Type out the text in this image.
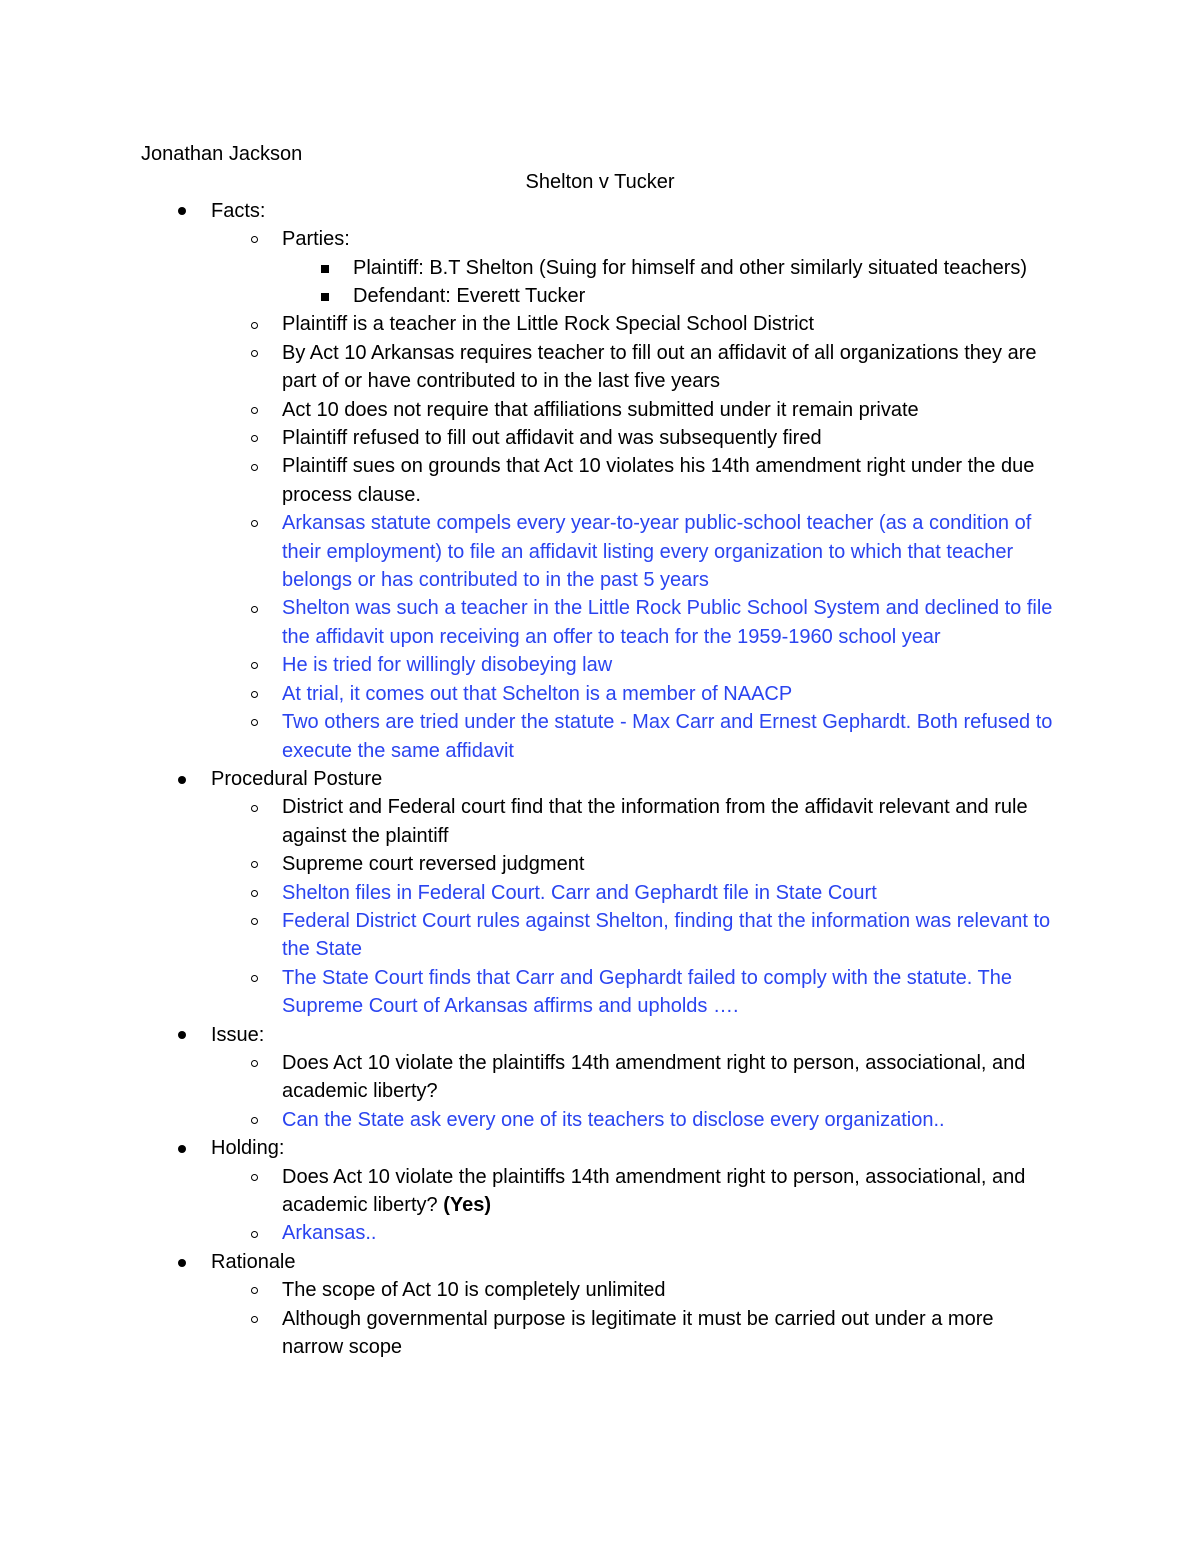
Jonathan Jackson
Shelton v Tucker
Facts:
Parties:
Plaintiff: B.T Shelton (Suing for himself and other similarly situated teachers)
Defendant: Everett Tucker
Plaintiff is a teacher in the Little Rock Special School District
By Act 10 Arkansas requires teacher to fill out an affidavit of all organizations they are part of or have contributed to in the last five years
Act 10 does not require that affiliations submitted under it remain private
Plaintiff refused to fill out affidavit and was subsequently fired
Plaintiff sues on grounds that Act 10 violates his 14th amendment right under the due process clause.
Arkansas statute compels every year-to-year public-school teacher (as a condition of their employment) to file an affidavit listing every organization to which that teacher belongs or has contributed to in the past 5 years
Shelton was such a teacher in the Little Rock Public School System and declined to file the affidavit upon receiving an offer to teach for the 1959-1960 school year
He is tried for willingly disobeying law
At trial, it comes out that Schelton is a member of NAACP
Two others are tried under the statute - Max Carr and Ernest Gephardt. Both refused to execute the same affidavit
Procedural Posture
District and Federal court find that the information from the affidavit relevant and rule against the plaintiff
Supreme court reversed judgment
Shelton files in Federal Court. Carr and Gephardt file in State Court
Federal District Court rules against Shelton, finding that the information was relevant to the State
The State Court finds that Carr and Gephardt failed to comply with the statute. The Supreme Court of Arkansas affirms and upholds ….
Issue:
Does Act 10 violate the plaintiffs 14th amendment right to person, associational, and academic liberty?
Can the State ask every one of its teachers to disclose every organization..
Holding:
Does Act 10 violate the plaintiffs 14th amendment right to person, associational, and academic liberty? (Yes)
Arkansas..
Rationale
The scope of Act 10 is completely unlimited
Although governmental purpose is legitimate it must be carried out under a more narrow scope
